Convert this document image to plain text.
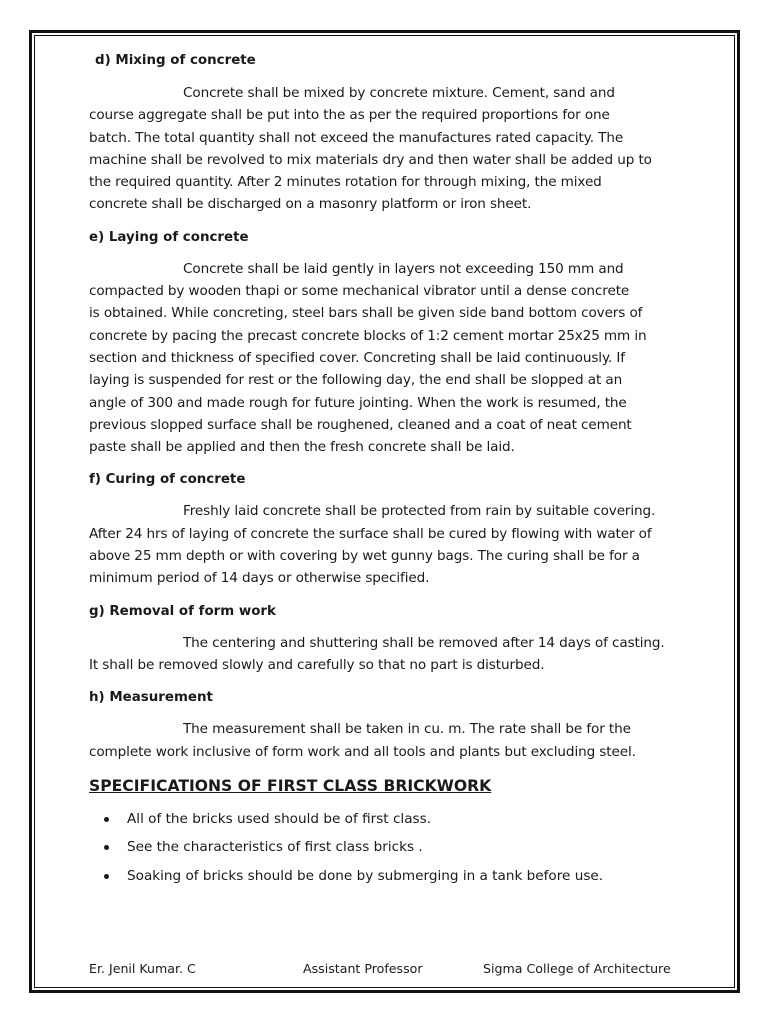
d) Mixing of concrete

Concrete shall be mixed by concrete mixture. Cement, sand and
course aggregate shall be put into the as per the required proportions for one
batch. The total quantity shall not exceed the manufactures rated capacity. The
machine shall be revolved to mix materials dry and then water shall be added up to
the required quantity. After 2 minutes rotation for through mixing, the mixed
concrete shall be discharged on a masonry platform or iron sheet.

e) Laying of concrete

Concrete shall be laid gently in layers not exceeding 150 mm and
compacted by wooden thapi or some mechanical vibrator until a dense concrete
is obtained. While concreting, steel bars shall be given side band bottom covers of
concrete by pacing the precast concrete blocks of 1:2 cement mortar 25x25 mm in
section and thickness of specified cover. Concreting shall be laid continuously. If
laying is suspended for rest or the following day, the end shall be slopped at an
angle of 300 and made rough for future jointing. When the work is resumed, the
previous slopped surface shall be roughened, cleaned and a coat of neat cement
paste shall be applied and then the fresh concrete shall be laid.

f) Curing of concrete

Freshly laid concrete shall be protected from rain by suitable covering.
After 24 hrs of laying of concrete the surface shall be cured by flowing with water of
above 25 mm depth or with covering by wet gunny bags. The curing shall be for a
minimum period of 14 days or otherwise specified.

g) Removal of form work

The centering and shuttering shall be removed after 14 days of casting.
It shall be removed slowly and carefully so that no part is disturbed.

h) Measurement

The measurement shall be taken in cu. m. The rate shall be for the
complete work inclusive of form work and all tools and plants but excluding steel.

SPECIFICATIONS OF FIRST CLASS BRICKWORK
All of the bricks used should be of first class.
See the characteristics of first class bricks .
Soaking of bricks should be done by submerging in a tank before use.
Er. Jenil Kumar. C	Assistant Professor	Sigma College of Architecture
